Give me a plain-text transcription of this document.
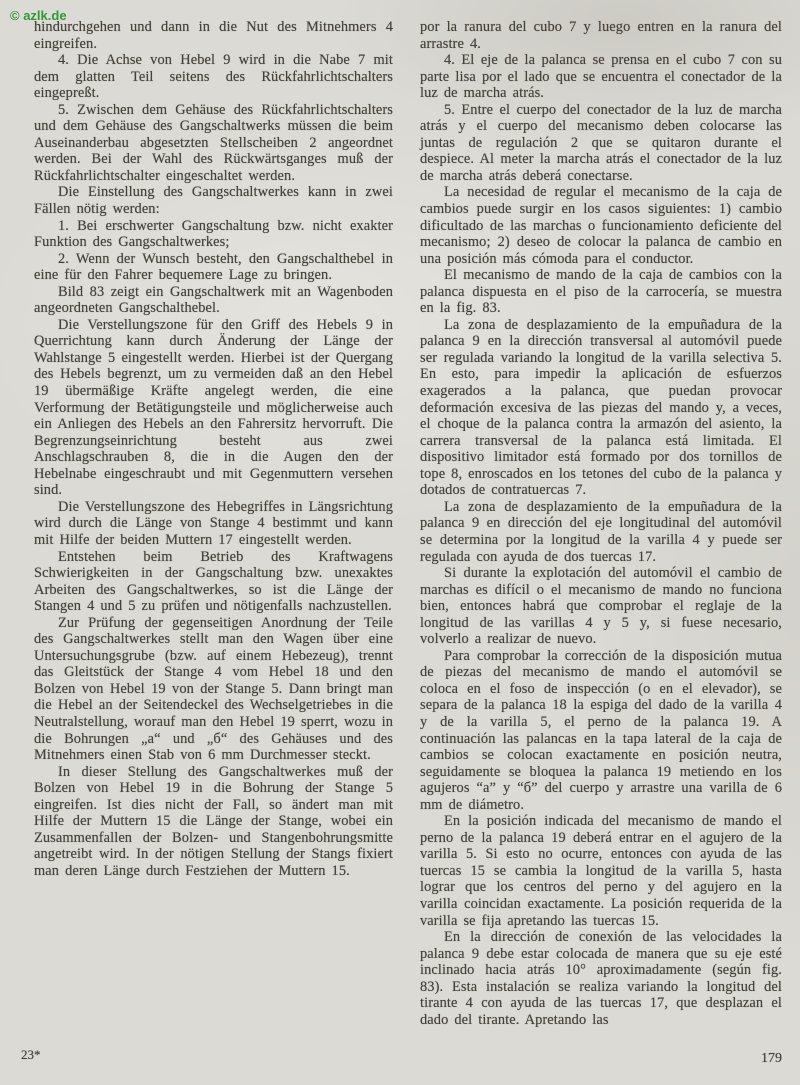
© azlk.de

hindurchgehen und dann in die Nut des Mitnehmers 4 eingreifen.

4. Die Achse von Hebel 9 wird in die Nabe 7 mit dem glatten Teil seitens des Rückfahrlichtschalters eingepreßt.

5. Zwischen dem Gehäuse des Rückfahrlichtschalters und dem Gehäuse des Gangschaltwerks müssen die beim Auseinanderbau abgesetzten Stellscheiben 2 angeordnet werden. Bei der Wahl des Rückwärtsganges muß der Rückfahrlichtschalter eingeschaltet werden.

Die Einstellung des Gangschaltwerkes kann in zwei Fällen nötig werden:

1. Bei erschwerter Gangschaltung bzw. nicht exakter Funktion des Gangschaltwerkes;

2. Wenn der Wunsch besteht, den Gangschalthebel in eine für den Fahrer bequemere Lage zu bringen.

Bild 83 zeigt ein Gangschaltwerk mit an Wagenboden angeordneten Gangschalthebel.

Die Verstellungszone für den Griff des Hebels 9 in Querrichtung kann durch Änderung der Länge der Wahlstange 5 eingestellt werden. Hierbei ist der Quergang des Hebels begrenzt, um zu vermeiden daß an den Hebel 19 übermäßige Kräfte angelegt werden, die eine Verformung der Betätigungsteile und möglicherweise auch ein Anliegen des Hebels an den Fahrersitz hervorruft. Die Begrenzungseinrichtung besteht aus zwei Anschlagschrauben 8, die in die Augen den der Hebelnabe eingeschraubt und mit Gegenmuttern versehen sind.

Die Verstellungszone des Hebegriffes in Längsrichtung wird durch die Länge von Stange 4 bestimmt und kann mit Hilfe der beiden Muttern 17 eingestellt werden.

Entstehen beim Betrieb des Kraftwagens Schwierigkeiten in der Gangschaltung bzw. unexaktes Arbeiten des Gangschaltwerkes, so ist die Länge der Stangen 4 und 5 zu prüfen und nötigenfalls nachzustellen.

Zur Prüfung der gegenseitigen Anordnung der Teile des Gangschaltwerkes stellt man den Wagen über eine Untersuchungsgrube (bzw. auf einem Hebezeug), trennt das Gleitstück der Stange 4 vom Hebel 18 und den Bolzen von Hebel 19 von der Stange 5. Dann bringt man die Hebel an der Seitendeckel des Wechselgetriebes in die Neutralstellung, worauf man den Hebel 19 sperrt, wozu in die Bohrungen „a“ und „б“ des Gehäuses und des Mitnehmers einen Stab von 6 mm Durchmesser steckt.

In dieser Stellung des Gangschaltwerkes muß der Bolzen von Hebel 19 in die Bohrung der Stange 5 eingreifen. Ist dies nicht der Fall, so ändert man mit Hilfe der Muttern 15 die Länge der Stange, wobei ein Zusammenfallen der Bolzen- und Stangenbohrungsmitte angetreibt wird. In der nötigen Stellung der Stangs fixiert man deren Länge durch Festziehen der Muttern 15.

por la ranura del cubo 7 y luego entren en la ranura del arrastre 4.

4. El eje de la palanca se prensa en el cubo 7 con su parte lisa por el lado que se encuentra el conectador de la luz de marcha atrás.

5. Entre el cuerpo del conectador de la luz de marcha atrás y el cuerpo del mecanismo deben colocarse las juntas de regulación 2 que se quitaron durante el despiece. Al meter la marcha atrás el conectador de la luz de marcha atrás deberá conectarse.

La necesidad de regular el mecanismo de la caja de cambios puede surgir en los casos siguientes: 1) cambio dificultado de las marchas o funcionamiento deficiente del mecanismo; 2) deseo de colocar la palanca de cambio en una posición más cómoda para el conductor.

El mecanismo de mando de la caja de cambios con la palanca dispuesta en el piso de la carrocería, se muestra en la fig. 83.

La zona de desplazamiento de la empuñadura de la palanca 9 en la dirección transversal al automóvil puede ser regulada variando la longitud de la varilla selectiva 5. En esto, para impedir la aplicación de esfuerzos exagerados a la palanca, que puedan provocar deformación excesiva de las piezas del mando y, a veces, el choque de la palanca contra la armazón del asiento, la carrera transversal de la palanca está limitada. El dispositivo limitador está formado por dos tornillos de tope 8, enroscados en los tetones del cubo de la palanca y dotados de contratuercas 7.

La zona de desplazamiento de la empuñadura de la palanca 9 en dirección del eje longitudinal del automóvil se determina por la longitud de la varilla 4 y puede ser regulada con ayuda de dos tuercas 17.

Si durante la explotación del automóvil el cambio de marchas es difícil o el mecanismo de mando no funciona bien, entonces habrá que comprobar el reglaje de la longitud de las varillas 4 y 5 y, si fuese necesario, volverlo a realizar de nuevo.

Para comprobar la corrección de la disposición mutua de piezas del mecanismo de mando el automóvil se coloca en el foso de inspección (o en el elevador), se separa de la palanca 18 la espiga del dado de la varilla 4 y de la varilla 5, el perno de la palanca 19. A continuación las palancas en la tapa lateral de la caja de cambios se colocan exactamente en posición neutra, seguidamente se bloquea la palanca 19 metiendo en los agujeros “a” y “б” del cuerpo y arrastre una varilla de 6 mm de diámetro.

En la posición indicada del mecanismo de mando el perno de la palanca 19 deberá entrar en el agujero de la varilla 5. Si esto no ocurre, entonces con ayuda de las tuercas 15 se cambia la longitud de la varilla 5, hasta lograr que los centros del perno y del agujero en la varilla coincidan exactamente. La posición requerida de la varilla se fija apretando las tuercas 15.

En la dirección de conexión de las velocidades la palanca 9 debe estar colocada de manera que su eje esté inclinado hacia atrás 10° aproximadamente (según fig. 83). Esta instalación se realiza variando la longitud del tirante 4 con ayuda de las tuercas 17, que desplazan el dado del tirante. Apretando las

23*	179
